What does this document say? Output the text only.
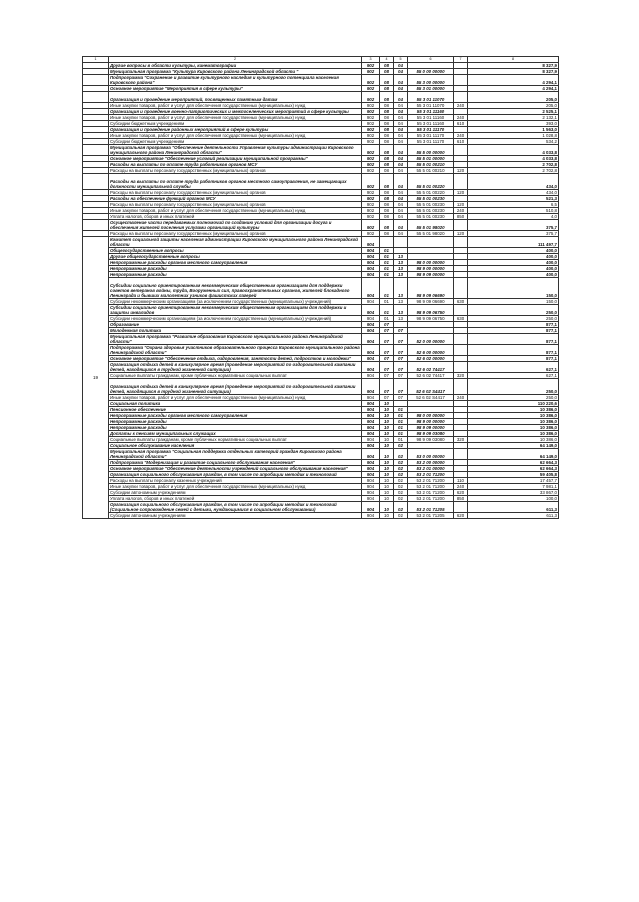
1	2	3	4	5	6	7	8
	Другие вопросы в области культуры, кинематографии	902	08	04			8 327,9
	Муниципальная программа "Культура Кировского района Ленинградской области "	902	08	04	55 0 00 00000		8 327,9
	Подпрограмма "Сохранение и развитие культурного наследия и культурного потенциала населения Кировского района"	902	08	04	55 3 00 00000		4 294,1
	Основное мероприятие "Мероприятия в сфере культуры"	902	08	04	55 3 01 00000		4 294,1
	Организация и проведение мероприятий, посвященных памятным датам	902	08	04	55 3 01 11070		205,0
	Иные закупки товаров, работ и услуг для обеспечения государственных (муниципальных) нужд	902	08	04	55 3 01 11070	240	205,0
	Организация и проведение военно-патриотических и межпоселенческих мероприятий в сфере культуры	902	08	04	55 3 01 11160		2 525,1
	Иные закупки товаров, работ и услуг для обеспечения государственных (муниципальных) нужд	902	08	04	55 3 01 11160	240	2 132,1
	Субсидии бюджетным учреждениям	902	08	04	55 3 01 11160	610	393,0
	Организация и проведение районных мероприятий в сфере культуры	902	08	04	55 3 01 11170		1 563,0
	Иные закупки товаров, работ и услуг для обеспечения государственных (муниципальных) нужд	902	08	04	55 3 01 11170	240	1 028,8
	Субсидии бюджетным учреждениям	902	08	04	55 3 01 11170	610	534,2
	Муниципальная программа "Обеспечение деятельности Управления культуры администрации Кировского муниципального района Ленинградской области"	902	08	04	55 5 00 00000		4 033,8
	Основное мероприятие "Обеспечение условий реализации муниципальной программы"	902	08	04	55 5 01 00000		4 033,8
	Расходы на выплаты по оплате труда работников органов МСУ	902	08	04	55 5 01 00210		2 702,8
	Расходы на выплаты персоналу государственных (муниципальных) органов	902	08	04	55 5 01 00210	120	2 702,8
	Расходы на выплаты по оплате труда работников органов местного самоуправления, не замещающих должности муниципальной службы	902	08	04	55 5 01 00220		434,0
	Расходы на выплаты персоналу государственных (муниципальных) органов	902	08	04	55 5 01 00220	120	434,0
	Расходы на обеспечение функций органов МСУ	902	08	04	55 5 01 00230		521,3
	Расходы на выплаты персоналу государственных (муниципальных) органов	902	08	04	55 5 01 00230	120	6,5
	Иные закупки товаров, работ и услуг для обеспечения государственных (муниципальных) нужд	902	08	04	55 5 01 00230	240	510,8
	Уплата налогов, сборов и иных платежей	902	08	04	55 5 01 00230	850	4,0
	Осуществление части передаваемых полномочий по созданию условий для организации досуга и обеспечения жителей поселения услугами организаций культуры	902	08	04	55 5 01 98020		375,7
	Расходы на выплаты персоналу государственных (муниципальных) органов	902	08	04	55 5 01 98020	120	375,7
19	Комитет социальной защиты населения администрации Кировского муниципального района Ленинградской области	904					111 497,7
	Общегосударственные вопросы	904	01				400,0
	Другие общегосударственные вопросы	904	01	13			400,0
	Непрограммные расходы органов местного самоуправления	904	01	13	98 0 00 00000		400,0
	Непрограммные расходы	904	01	13	98 9 00 00000		400,0
	Непрограммные расходы	904	01	13	98 9 09 00000		400,0
	Субсидии социально ориентированным некоммерческим общественным организациям для поддержки советов ветеранов войны, труда, Вооруженных сил, правоохранительных органов, жителей блокадного Ленинграда и бывших малолетних узников фашистских лагерей	904	01	13	98 9 09 06690		150,0
	Субсидии некоммерческим организациям (за исключением государственных (муниципальных) учреждений)	904	01	13	98 9 09 06690	630	150,0
	Субсидии социально ориентированным некоммерческим общественным организациям для поддержки и защиты инвалидов	904	01	13	98 9 09 06750		250,0
	Субсидии некоммерческим организациям (за исключением государственных (муниципальных) учреждений)	904	01	13	98 9 09 06750	630	250,0
	Образование	904	07				877,1
	Молодежная политика	904	07	07			877,1
	Муниципальная программа "Развитие образования Кировского муниципального района Ленинградской области"	904	07	07	52 0 00 00000		877,1
	Подпрограмма "Охрана здоровья участников образовательного процесса Кировского муниципального района Ленинградской области"	904	07	07	52 6 00 00000		877,1
	Основное мероприятие "Обеспечение отдыха, оздоровления, занятости детей, подростков и молодежи"	904	07	07	52 6 02 00000		877,1
	Организация отдыха детей в каникулярное время (проведение мероприятий по оздоровительной кампании детей, находящихся в трудной жизненной ситуации)	904	07	07	52 6 02 74417		627,1
	Социальные выплаты гражданам, кроме публичных нормативных социальных выплат	904	07	07	52 6 02 74417	320	627,1
	Организация отдыха детей в каникулярное время (проведение мероприятий по оздоровительной кампании детей, находящихся в трудной жизненной ситуации)	904	07	07	52 6 02 S4417		250,0
	Иные закупки товаров, работ и услуг для обеспечения государственных (муниципальных) нужд	904	07	07	52 6 02 S4417	240	250,0
	Социальная политика	904	10				110 220,6
	Пенсионное обеспечение	904	10	01			10 386,0
	Непрограммные расходы органов местного самоуправления	904	10	01	98 0 00 00000		10 386,0
	Непрограммные расходы	904	10	01	98 9 00 00000		10 386,0
	Непрограммные расходы	904	10	01	98 9 09 00000		10 386,0
	Доплаты к пенсиям муниципальных служащих	904	10	01	98 9 09 03080		10 386,0
	Социальные выплаты гражданам, кроме публичных нормативных социальных выплат	904	10	01	98 9 09 03080	320	10 386,0
	Социальное обслуживание населения	904	10	02			64 149,0
	Муниципальная программа "Социальная поддержка отдельных категорий граждан Кировского района Ленинградской области"	904	10	02	53 0 00 00000		64 149,0
	Подпрограмма "Модернизация и развитие социального обслуживания населения"	904	10	02	53 2 00 00000		62 664,3
	Основное мероприятие "Обеспечение деятельности учреждений социального обслуживания населения"	904	10	02	53 2 01 00000		62 664,3
	Организация социального обслуживания граждан, в том числе по апробации методик и технологий	904	10	02	53 2 01 71200		59 405,8
	Расходы на выплаты персоналу казенных учреждений	904	10	02	53 2 01 71200	110	17 457,7
	Иные закупки товаров, работ и услуг для обеспечения государственных (муниципальных) нужд	904	10	02	53 2 01 71200	240	7 981,1
	Субсидии автономным учреждениям	904	10	02	53 2 01 71200	620	33 867,0
	Уплата налогов, сборов и иных платежей	904	10	02	53 2 01 71200	850	100,0
	Организация социального обслуживания граждан, в том числе по апробации методик и технологий (Социальное сопровождение семей с детьми, нуждающимися в социальном обслуживании)	904	10	02	53 2 01 71205		611,3
	Субсидии автономным учреждениям	904	10	02	53 2 01 71205	620	611,3
